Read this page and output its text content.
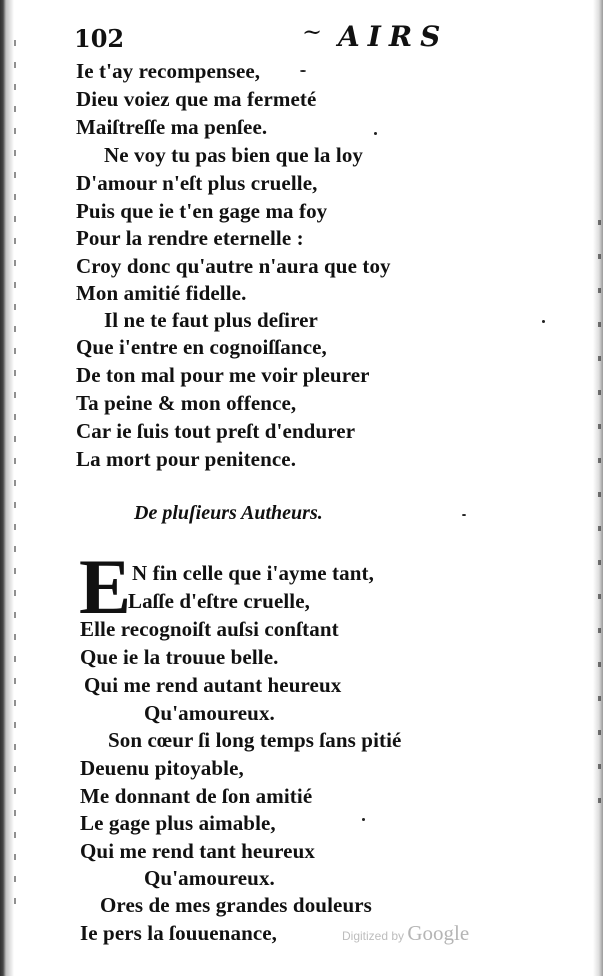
102	~ AIRS
Ie t'ay recompensee,
Dieu voiez que ma fermeté
Maiſtreſſe ma penſee.
Ne voy tu pas bien que la loy
D'amour n'eſt plus cruelle,
Puis que ie t'en gage ma foy
Pour la rendre eternelle :
Croy donc qu'autre n'aura que toy
Mon amitié fidelle.
Il ne te faut plus deſirer
Que i'entre en cognoiſſance,
De ton mal pour me voir pleurer
Ta peine & mon offence,
Car ie ſuis tout preſt d'endurer
La mort pour penitence.
De pluſieurs Autheurs.
E N fin celle que i'ayme tant,
Laſſe d'eſtre cruelle,
Elle recognoiſt auſsi conſtant
Que ie la trouue belle.
Qui me rend autant heureux
Qu'amoureux.
Son cœur ſi long temps ſans pitié
Deuenu pitoyable,
Me donnant de ſon amitié
Le gage plus aimable,
Qui me rend tant heureux
Qu'amoureux.
Ores de mes grandes douleurs
Ie pers la ſouuenance,	Digitized by Google
